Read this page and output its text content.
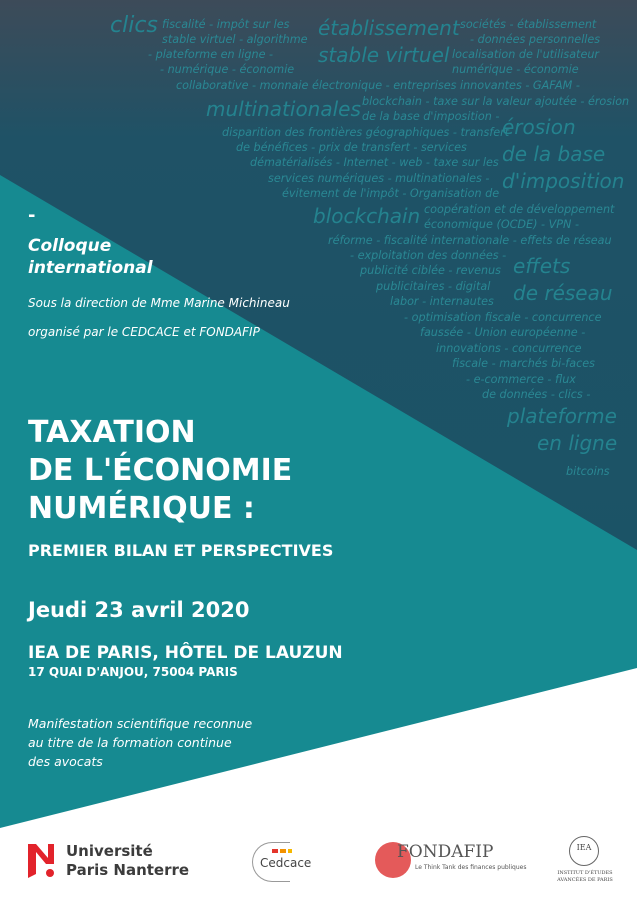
clics fiscalité - impôt sur les
stable virtuel - algorithme
- plateforme en ligne -
- numérique - économie
établissement
stable virtuel
sociétés - établissement
- données personnelles
localisation de l'utilisateur
numérique - économie
collaborative - monnaie électronique - entreprises innovantes - GAFAM -
multinationales blockchain - taxe sur la valeur ajoutée - érosion
de la base d'imposition -
disparition des frontières géographiques - transfert
de bénéfices - prix de transfert - services
dématérialisés - Internet - web - taxe sur les
services numériques - multinationales -
évitement de l'impôt - Organisation de
érosion
de la base
d'imposition
blockchain coopération et de développement
économique (OCDE) - VPN -
réforme - fiscalité internationale - effets de réseau
- exploitation des données -
publicité ciblée - revenus
publicitaires - digital
labor - internautes
effets
de réseau
- optimisation fiscale - concurrence
faussée - Union européenne -
innovations - concurrence
fiscale - marchés bi-faces
- e-commerce - flux
de données - clics -
plateforme
en ligne
bitcoins
-
Colloque
international
Sous la direction de Mme Marine Michineau
organisé par le CEDCACE et FONDAFIP
TAXATION
DE L'ÉCONOMIE
NUMÉRIQUE :
PREMIER BILAN ET PERSPECTIVES
Jeudi 23 avril 2020
IEA DE PARIS, HÔTEL DE LAUZUN
17 QUAI D'ANJOU, 75004 PARIS
Manifestation scientifique reconnue
au titre de la formation continue
des avocats
Université
Paris Nanterre	Cedcace
FONDAFIP
Le Think Tank des finances publiques
IEA
INSTITUT D'ÉTUDES
AVANCÉES DE PARIS
